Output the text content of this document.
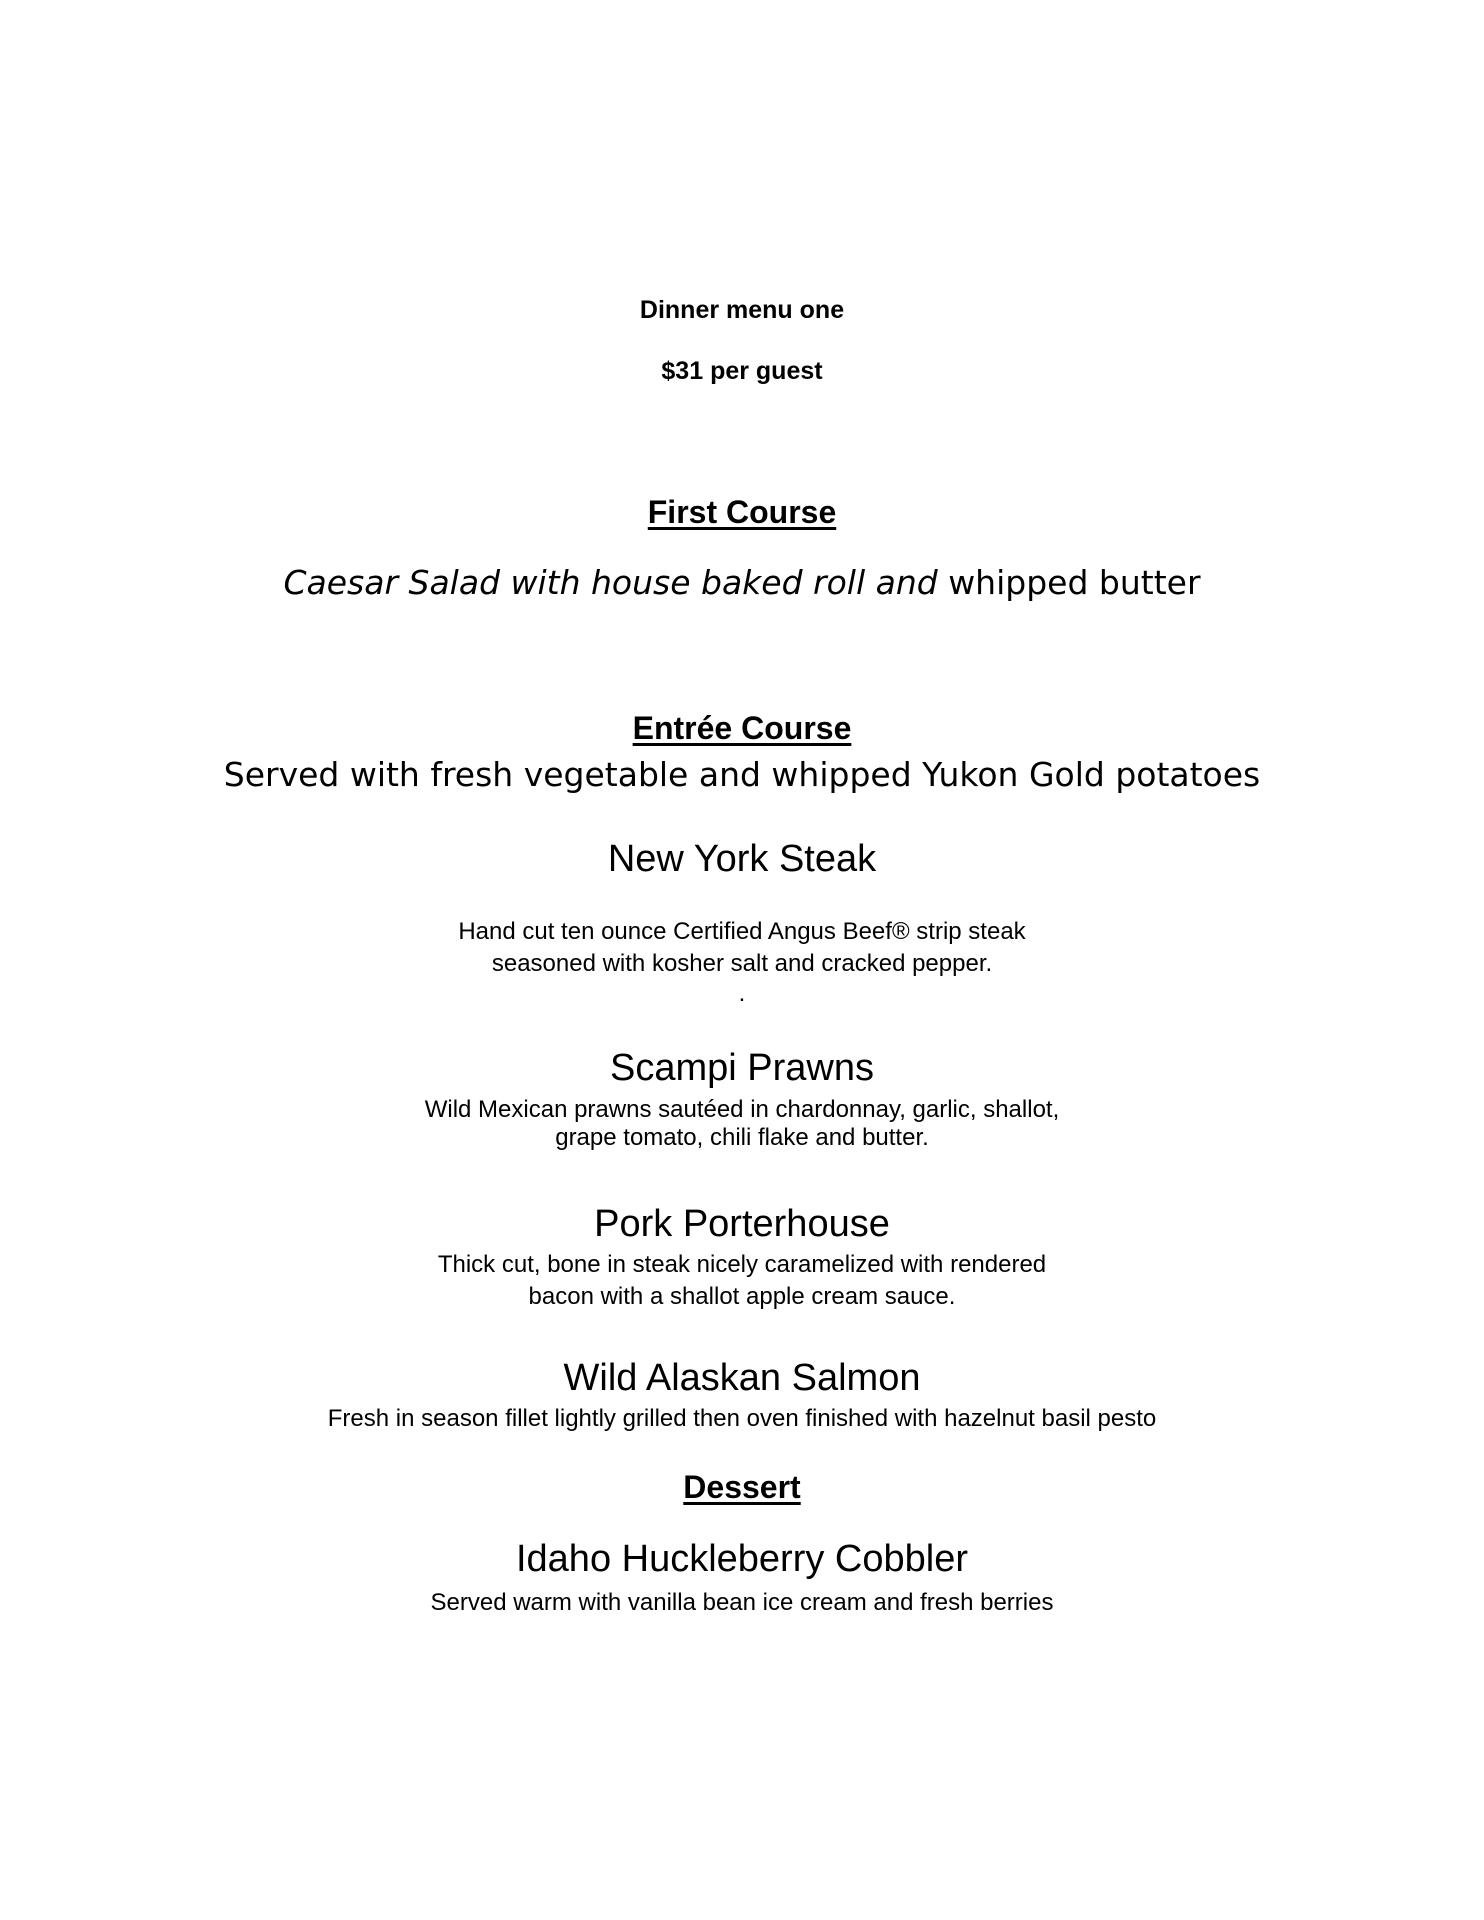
Dinner menu one

$31 per guest

First Course

Caesar Salad with house baked roll and whipped butter

Entrée Course

Served with fresh vegetable and whipped Yukon Gold potatoes

New York Steak

Hand cut ten ounce Certified Angus Beef® strip steak

seasoned with kosher salt and cracked pepper.

.

Scampi Prawns

Wild Mexican prawns sautéed in chardonnay, garlic, shallot,

grape tomato, chili flake and butter.

Pork Porterhouse

Thick cut, bone in steak nicely caramelized with rendered

bacon with a shallot apple cream sauce.

Wild Alaskan Salmon

Fresh in season fillet lightly grilled then oven finished with hazelnut basil pesto

Dessert

Idaho Huckleberry Cobbler

Served warm with vanilla bean ice cream and fresh berries
